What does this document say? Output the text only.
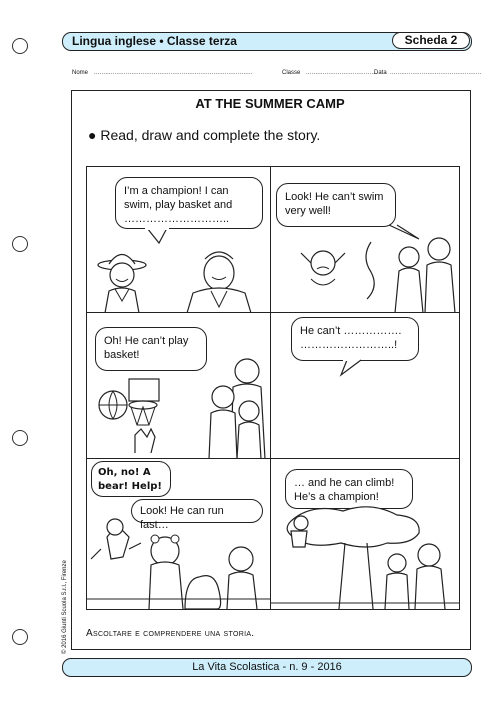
Lingua inglese • Classe terza	Scheda 2
Nome .....................................................................................	Classe ......................................
Data .................................................
AT THE SUMMER CAMP
● Read, draw and complete the story.
I’m a champion! I can swim, play basket and ………………………..
Look! He can’t swim very well!
Oh! He can’t play basket!
He can’t ……………. ……………………..!
Oh, no! A bear! Help!
Look! He can run fast…
… and he can climb! He’s a champion!
Ascoltare e comprendere una storia.
La Vita Scolastica - n. 9 - 2016
© 2016 Giunti Scuola S.r.l., Firenze
